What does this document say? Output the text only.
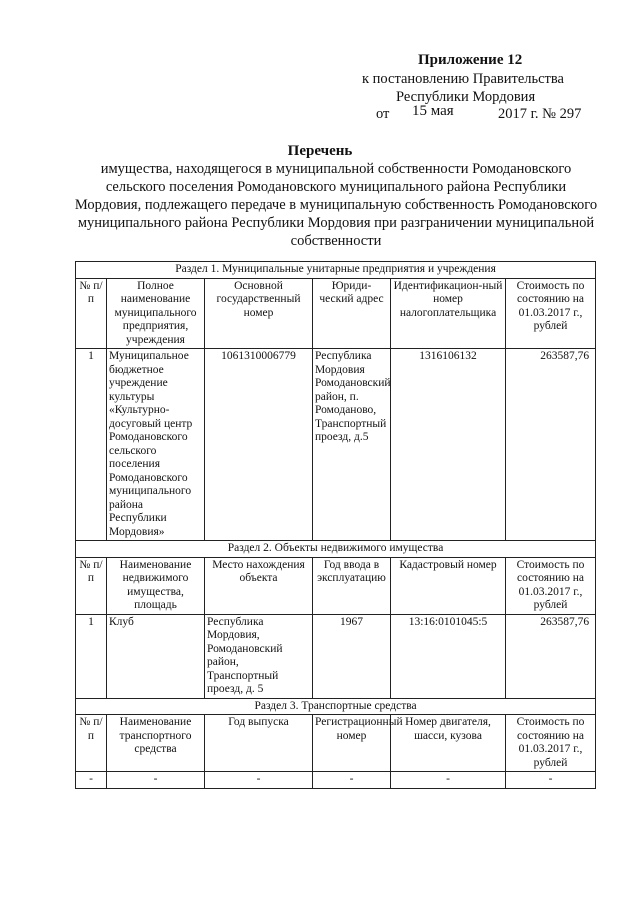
Приложение 12
к постановлению Правительства
Республики Мордовия
от 15 мая	2017 г. № 297
Перечень
имущества, находящегося в муниципальной собственности Ромодановского сельского поселения Ромодановского муниципального района Республики Мордовия, подлежащего передаче в муниципальную собственность Ромодановского муниципального района Республики Мордовия при разграничении муниципальной собственности
Раздел 1. Муниципальные унитарные предприятия и учреждения					
№ п/п	Полное наименование муниципального предприятия, учреждения	Основной государственный номер	Юриди-ческий адрес	Идентификацион-ный номер налогоплательщика	Стоимость по состоянию на 01.03.2017 г., рублей
1	Муниципальное бюджетное учреждение культуры «Культурно-досуговый центр Ромодановского сельского поселения Ромодановского муниципального района Республики Мордовия»	1061310006779	Республика Мордовия Ромодановский район, п. Ромоданово, Транспортный проезд, д.5	1316106132	263587,76
Раздел 2. Объекты недвижимого имущества					
№ п/п	Наименование недвижимого имущества, площадь	Место нахождения объекта	Год ввода в эксплуатацию	Кадастровый номер	Стоимость по состоянию на 01.03.2017 г., рублей
1	Клуб	Республика Мордовия, Ромодановский район, Транспортный проезд, д. 5	1967	13:16:0101045:5	263587,76
Раздел 3. Транспортные средства					
№ п/п	Наименование транспортного средства	Год выпуска	Регистрационный номер	Номер двигателя, шасси, кузова	Стоимость по состоянию на 01.03.2017 г., рублей
-	-	-	-	-	-
